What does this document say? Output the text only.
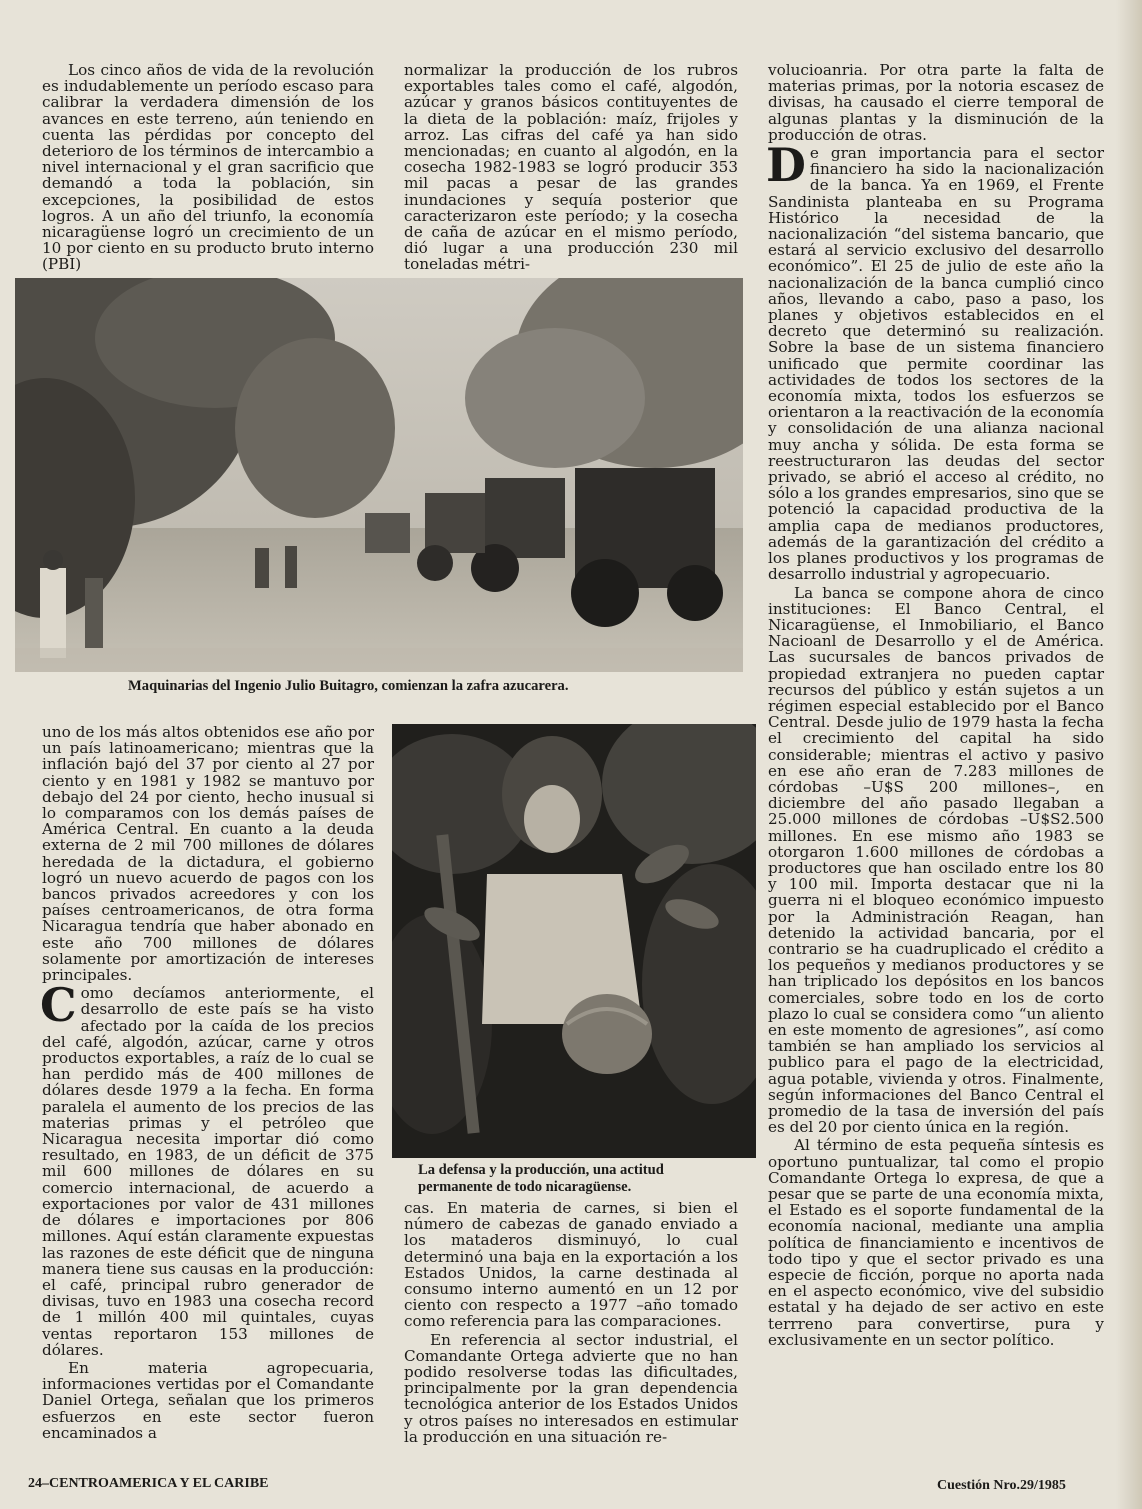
Los cinco años de vida de la revolución es indudablemente un período escaso para calibrar la verdadera dimensión de los avances en este terreno, aún teniendo en cuenta las pérdidas por concepto del deterioro de los términos de intercambio a nivel internacional y el gran sacrificio que demandó a toda la población, sin excepciones, la posibilidad de estos logros. A un año del triunfo, la economía nicaragüense logró un crecimiento de un 10 por ciento en su producto bruto interno (PBI)

normalizar la producción de los rubros exportables tales como el café, algodón, azúcar y granos básicos contituyentes de la dieta de la población: maíz, frijoles y arroz. Las cifras del café ya han sido mencionadas; en cuanto al algodón, en la cosecha 1982-1983 se logró producir 353 mil pacas a pesar de las grandes inundaciones y sequía posterior que caracterizaron este período; y la cosecha de caña de azúcar en el mismo período, dió lugar a una producción 230 mil toneladas métri-

volucioanria. Por otra parte la falta de materias primas, por la notoria escasez de divisas, ha causado el cierre temporal de algunas plantas y la disminución de la producción de otras.

De gran importancia para el sector financiero ha sido la nacionalización de la banca. Ya en 1969, el Frente Sandinista planteaba en su Programa Histórico la necesidad de la nacionalización “del sistema bancario, que estará al servicio exclusivo del desarrollo económico”. El 25 de julio de este año la nacionalización de la banca cumplió cinco años, llevando a cabo, paso a paso, los planes y objetivos establecidos en el decreto que determinó su realización. Sobre la base de un sistema financiero unificado que permite coordinar las actividades de todos los sectores de la economía mixta, todos los esfuerzos se orientaron a la reactivación de la economía y consolidación de una alianza nacional muy ancha y sólida. De esta forma se reestructuraron las deudas del sector privado, se abrió el acceso al crédito, no sólo a los grandes empresarios, sino que se potenció la capacidad productiva de la amplia capa de medianos productores, además de la garantización del crédito a los planes productivos y los programas de desarrollo industrial y agropecuario.

La banca se compone ahora de cinco instituciones: El Banco Central, el Nicaragüense, el Inmobiliario, el Banco Nacioanl de Desarrollo y el de América. Las sucursales de bancos privados de propiedad extranjera no pueden captar recursos del público y están sujetos a un régimen especial establecido por el Banco Central. Desde julio de 1979 hasta la fecha el crecimiento del capital ha sido considerable; mientras el activo y pasivo en ese año eran de 7.283 millones de córdobas –U$S 200 millones–, en diciembre del año pasado llegaban a 25.000 millones de córdobas –U$S2.500 millones. En ese mismo año 1983 se otorgaron 1.600 millones de córdobas a productores que han oscilado entre los 80 y 100 mil. Importa destacar que ni la guerra ni el bloqueo económico impuesto por la Administración Reagan, han detenido la actividad bancaria, por el contrario se ha cuadruplicado el crédito a los pequeños y medianos productores y se han triplicado los depósitos en los bancos comerciales, sobre todo en los de corto plazo lo cual se considera como “un aliento en este momento de agresiones”, así como también se han ampliado los servicios al publico para el pago de la electricidad, agua potable, vivienda y otros. Finalmente, según informaciones del Banco Central el promedio de la tasa de inversión del país es del 20 por ciento única en la región.

Al término de esta pequeña síntesis es oportuno puntualizar, tal como el propio Comandante Ortega lo expresa, de que a pesar que se parte de una economía mixta, el Estado es el soporte fundamental de la economía nacional, mediante una amplia política de financiamiento e incentivos de todo tipo y que el sector privado es una especie de ficción, porque no aporta nada en el aspecto económico, vive del subsidio estatal y ha dejado de ser activo en este terrreno para convertirse, pura y exclusivamente en un sector político.

Maquinarias del Ingenio Julio Buitagro, comienzan la zafra azucarera.

uno de los más altos obtenidos ese año por un país latinoamericano; mientras que la inflación bajó del 37 por ciento al 27 por ciento y en 1981 y 1982 se mantuvo por debajo del 24 por ciento, hecho inusual si lo comparamos con los demás países de América Central. En cuanto a la deuda externa de 2 mil 700 millones de dólares heredada de la dictadura, el gobierno logró un nuevo acuerdo de pagos con los bancos privados acreedores y con los países centroamericanos, de otra forma Nicaragua tendría que haber abonado en este año 700 millones de dólares solamente por amortización de intereses principales.

Como decíamos anteriormente, el desarrollo de este país se ha visto afectado por la caída de los precios del café, algodón, azúcar, carne y otros productos exportables, a raíz de lo cual se han perdido más de 400 millones de dólares desde 1979 a la fecha. En forma paralela el aumento de los precios de las materias primas y el petróleo que Nicaragua necesita importar dió como resultado, en 1983, de un déficit de 375 mil 600 millones de dólares en su comercio internacional, de acuerdo a exportaciones por valor de 431 millones de dólares e importaciones por 806 millones. Aquí están claramente expuestas las razones de este déficit que de ninguna manera tiene sus causas en la producción: el café, principal rubro generador de divisas, tuvo en 1983 una cosecha record de 1 millón 400 mil quintales, cuyas ventas reportaron 153 millones de dólares.

En materia agropecuaria, informaciones vertidas por el Comandante Daniel Ortega, señalan que los primeros esfuerzos en este sector fueron encaminados a

La defensa y la producción, una actitud permanente de todo nicaragüense.

cas. En materia de carnes, si bien el número de cabezas de ganado enviado a los mataderos disminuyó, lo cual determinó una baja en la exportación a los Estados Unidos, la carne destinada al consumo interno aumentó en un 12 por ciento con respecto a 1977 –año tomado como referencia para las comparaciones.

En referencia al sector industrial, el Comandante Ortega advierte que no han podido resolverse todas las dificultades, principalmente por la gran dependencia tecnológica anterior de los Estados Unidos y otros países no interesados en estimular la producción en una situación re-

24–CENTROAMERICA Y EL CARIBE	Cuestión Nro.29/1985
